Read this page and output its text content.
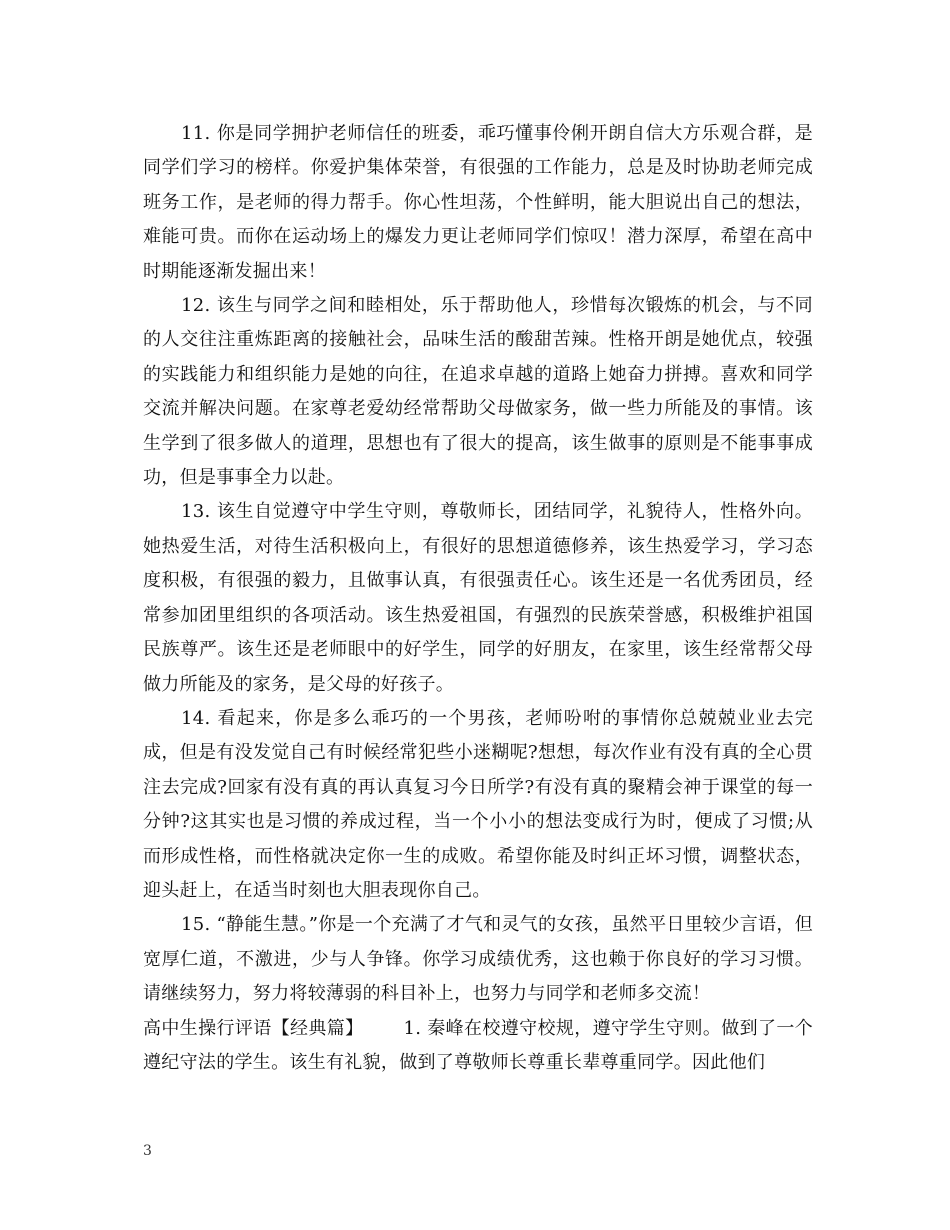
11. 你是同学拥护老师信任的班委，乖巧懂事伶俐开朗自信大方乐观合群，是同学们学习的榜样。你爱护集体荣誉，有很强的工作能力，总是及时协助老师完成班务工作，是老师的得力帮手。你心性坦荡，个性鲜明，能大胆说出自己的想法，难能可贵。而你在运动场上的爆发力更让老师同学们惊叹！潜力深厚，希望在高中时期能逐渐发掘出来！

12. 该生与同学之间和睦相处，乐于帮助他人，珍惜每次锻炼的机会，与不同的人交往注重炼距离的接触社会，品味生活的酸甜苦辣。性格开朗是她优点，较强的实践能力和组织能力是她的向往，在追求卓越的道路上她奋力拼搏。喜欢和同学交流并解决问题。在家尊老爱幼经常帮助父母做家务，做一些力所能及的事情。该生学到了很多做人的道理，思想也有了很大的提高，该生做事的原则是不能事事成功，但是事事全力以赴。

13. 该生自觉遵守中学生守则，尊敬师长，团结同学，礼貌待人，性格外向。她热爱生活，对待生活积极向上，有很好的思想道德修养，该生热爱学习，学习态度积极，有很强的毅力，且做事认真，有很强责任心。该生还是一名优秀团员，经常参加团里组织的各项活动。该生热爱祖国，有强烈的民族荣誉感，积极维护祖国民族尊严。该生还是老师眼中的好学生，同学的好朋友，在家里，该生经常帮父母做力所能及的家务，是父母的好孩子。

14. 看起来，你是多么乖巧的一个男孩，老师吩咐的事情你总兢兢业业去完成，但是有没发觉自己有时候经常犯些小迷糊呢?想想，每次作业有没有真的全心贯注去完成?回家有没有真的再认真复习今日所学?有没有真的聚精会神于课堂的每一分钟?这其实也是习惯的养成过程，当一个小小的想法变成行为时，便成了习惯;从而形成性格，而性格就决定你一生的成败。希望你能及时纠正坏习惯，调整状态，迎头赶上，在适当时刻也大胆表现你自己。

15. “静能生慧。”你是一个充满了才气和灵气的女孩，虽然平日里较少言语，但宽厚仁道，不激进，少与人争锋。你学习成绩优秀，这也赖于你良好的学习习惯。请继续努力，努力将较薄弱的科目补上，也努力与同学和老师多交流！

高中生操行评语【经典篇】 1. 秦峰在校遵守校规，遵守学生守则。做到了一个遵纪守法的学生。该生有礼貌，做到了尊敬师长尊重长辈尊重同学。因此他们

3
